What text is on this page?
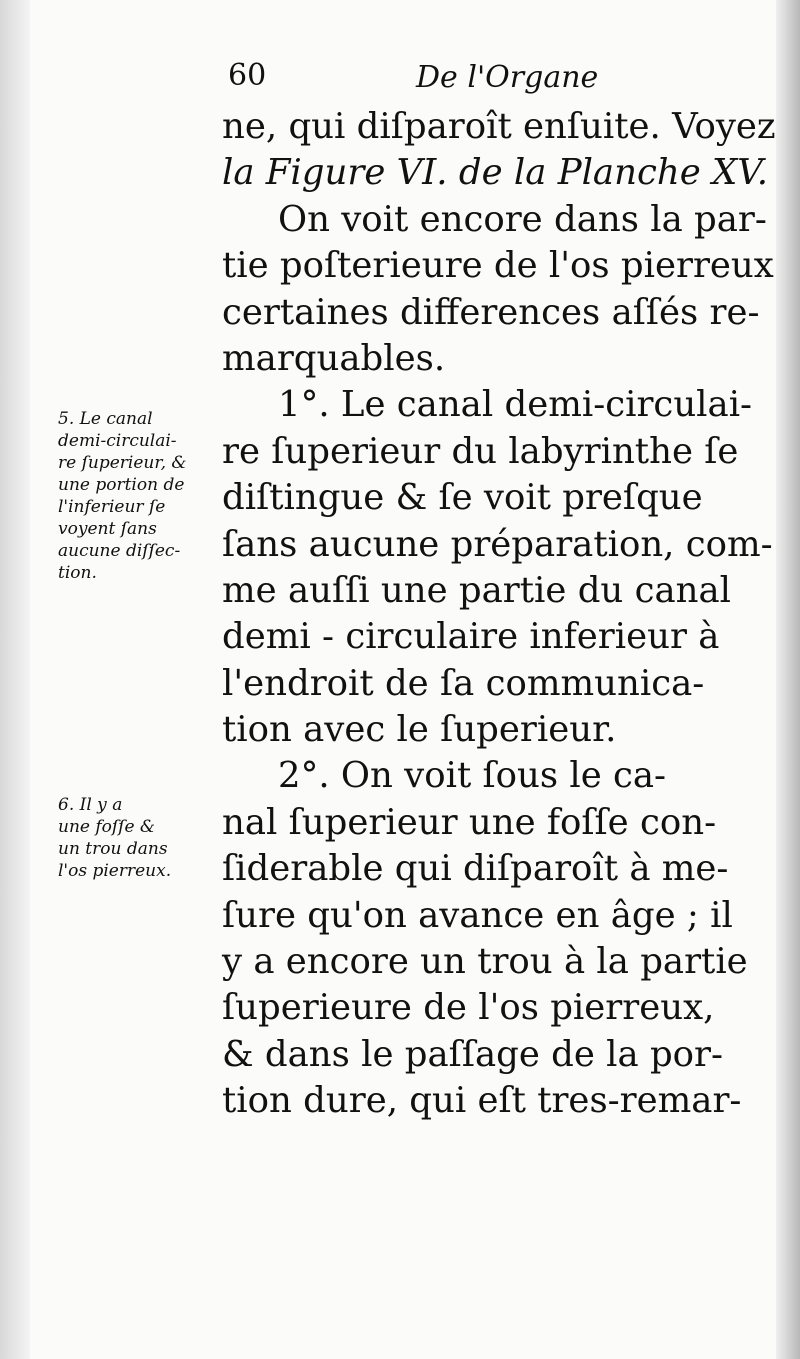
60	De l'Organe
ne, qui diſparoît enſuite. Voyez
la Figure VI. de la Planche XV.
On voit encore dans la par-
tie poſterieure de l'os pierreux
certaines differences aſſés re-
marquables.
1°. Le canal demi-circulai-
re ſuperieur du labyrinthe ſe
diſtingue & ſe voit preſque
ſans aucune préparation, com-
me auſſi une partie du canal
demi - circulaire inferieur à
l'endroit de ſa communica-
tion avec le ſuperieur.
2°. On voit ſous le ca-
nal ſuperieur une foſſe con-
ſiderable qui diſparoît à me-
ſure qu'on avance en âge ; il
y a encore un trou à la partie
ſuperieure de l'os pierreux,
& dans le paſſage de la por-
tion dure, qui eſt tres-remar-
5. Le canal
demi-circulai-
re ſuperieur, &
une portion de
l'inferieur ſe
voyent ſans
aucune diſſec-
tion.
6. Il y a
une foſſe &
un trou dans
l'os pierreux.
